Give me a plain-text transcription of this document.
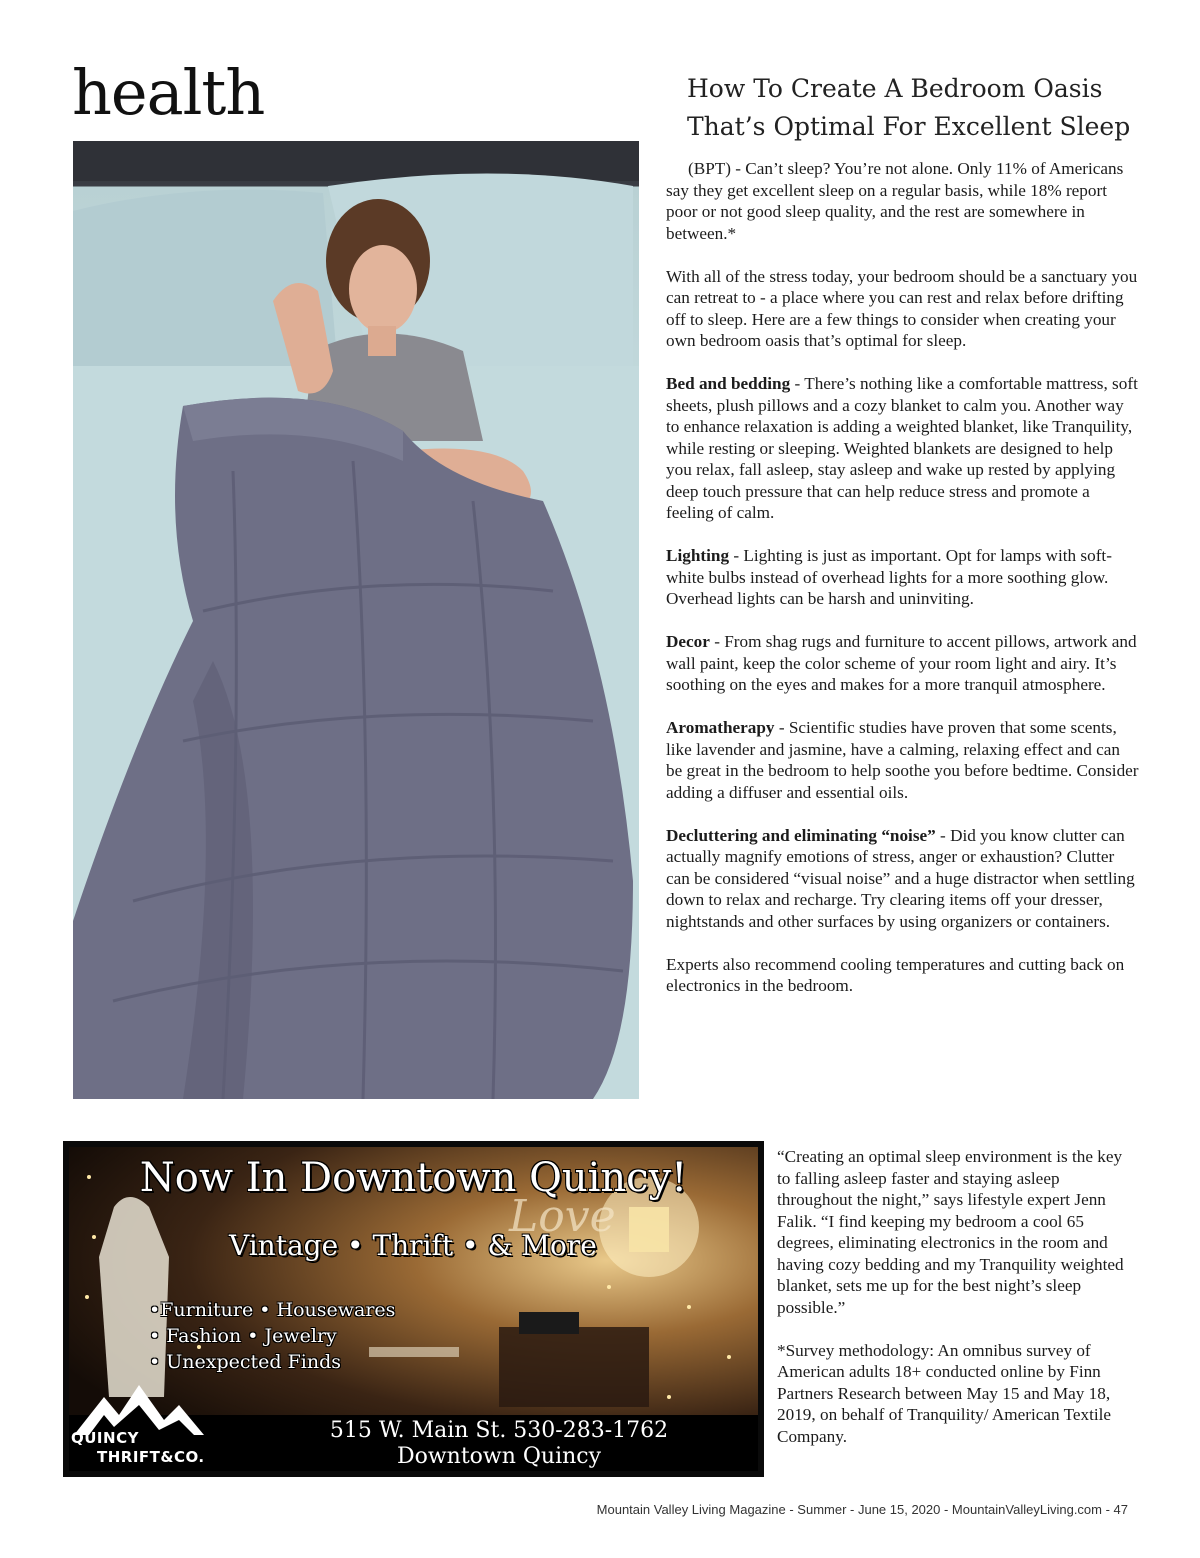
health	How To Create A Bedroom Oasis
That’s Optimal For Excellent Sleep

(BPT) - Can’t sleep? You’re not alone. Only 11% of Americans say they get excellent sleep on a regular basis, while 18% report poor or not good sleep quality, and the rest are somewhere in between.*

With all of the stress today, your bedroom should be a sanctuary you can retreat to - a place where you can rest and relax before drifting off to sleep. Here are a few things to consider when creating your own bedroom oasis that’s optimal for sleep.

Bed and bedding - There’s nothing like a comfortable mattress, soft sheets, plush pillows and a cozy blanket to calm you. Another way to enhance relaxation is adding a weighted blanket, like Tranquility, while resting or sleeping. Weighted blankets are designed to help you relax, fall asleep, stay asleep and wake up rested by applying deep touch pressure that can help reduce stress and promote a feeling of calm.

Lighting - Lighting is just as important. Opt for lamps with soft-white bulbs instead of overhead lights for a more soothing glow. Overhead lights can be harsh and uninviting.

Decor - From shag rugs and furniture to accent pillows, artwork and wall paint, keep the color scheme of your room light and airy. It’s soothing on the eyes and makes for a more tranquil atmosphere.

Aromatherapy - Scientific studies have proven that some scents, like lavender and jasmine, have a calming, relaxing effect and can be great in the bedroom to help soothe you before bedtime. Consider adding a diffuser and essential oils.

Decluttering and eliminating “noise” - Did you know clutter can actually magnify emotions of stress, anger or exhaustion? Clutter can be considered “visual noise” and a huge distractor when settling down to relax and recharge. Try clearing items off your dresser, nightstands and other surfaces by using organizers or containers.

Experts also recommend cooling temperatures and cutting back on electronics in the bedroom.

“Creating an optimal sleep environment is the key to falling asleep faster and staying asleep throughout the night,” says lifestyle expert Jenn Falik. “I find keeping my bedroom a cool 65 degrees, eliminating electronics in the room and having cozy bedding and my Tranquility weighted blanket, sets me up for the best night’s sleep possible.”

*Survey methodology: An omnibus survey of American adults 18+ conducted online by Finn Partners Research between May 15 and May 18, 2019, on behalf of Tranquility/ American Textile Company.

Now In Downtown Quincy!
Love
Vintage • Thrift • & More
•Furniture • Housewares
• Fashion • Jewelry
• Unexpected Finds
515 W. Main St. 530-283-1762
Downtown Quincy
QUINCY
THRIFT&CO.
Mountain Valley Living Magazine - Summer - June 15, 2020 - MountainValleyLiving.com - 47
